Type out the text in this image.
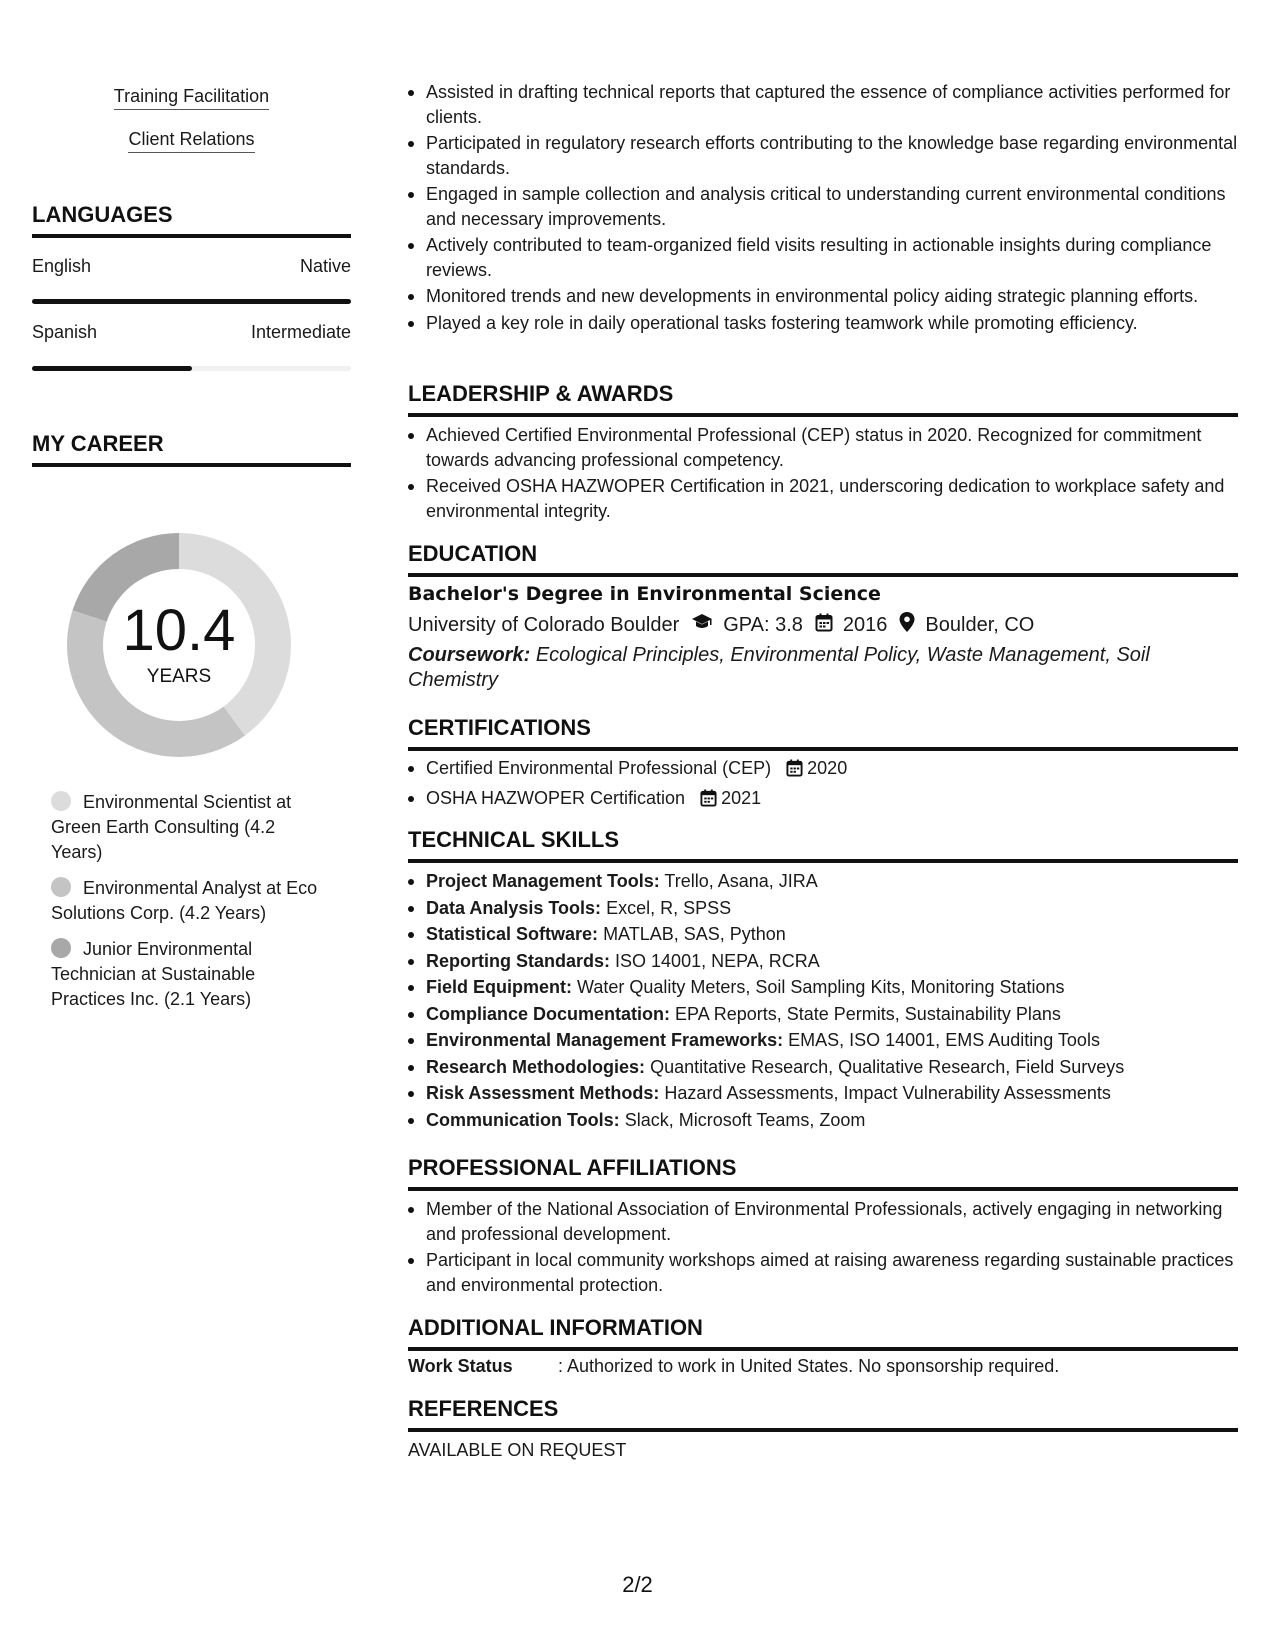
Training Facilitation
Client Relations
LANGUAGES
English	Native
Spanish	Intermediate
MY CAREER
10.4
YEARS
Environmental Scientist at Green Earth Consulting (4.2 Years)
Environmental Analyst at Eco Solutions Corp. (4.2 Years)
Junior Environmental Technician at Sustainable Practices Inc. (2.1 Years)
Assisted in drafting technical reports that captured the essence of compliance activities performed for clients.
Participated in regulatory research efforts contributing to the knowledge base regarding environmental standards.
Engaged in sample collection and analysis critical to understanding current environmental conditions and necessary improvements.
Actively contributed to team-organized field visits resulting in actionable insights during compliance reviews.
Monitored trends and new developments in environmental policy aiding strategic planning efforts.
Played a key role in daily operational tasks fostering teamwork while promoting efficiency.
LEADERSHIP & AWARDS
Achieved Certified Environmental Professional (CEP) status in 2020. Recognized for commitment towards advancing professional competency.
Received OSHA HAZWOPER Certification in 2021, underscoring dedication to workplace safety and environmental integrity.
EDUCATION
Bachelor's Degree in Environmental Science
University of Colorado Boulder GPA: 3.8 2016 Boulder, CO
Coursework: Ecological Principles, Environmental Policy, Waste Management, Soil Chemistry
CERTIFICATIONS
Certified Environmental Professional (CEP) 2020
OSHA HAZWOPER Certification 2021
TECHNICAL SKILLS
Project Management Tools: Trello, Asana, JIRA
Data Analysis Tools: Excel, R, SPSS
Statistical Software: MATLAB, SAS, Python
Reporting Standards: ISO 14001, NEPA, RCRA
Field Equipment: Water Quality Meters, Soil Sampling Kits, Monitoring Stations
Compliance Documentation: EPA Reports, State Permits, Sustainability Plans
Environmental Management Frameworks: EMAS, ISO 14001, EMS Auditing Tools
Research Methodologies: Quantitative Research, Qualitative Research, Field Surveys
Risk Assessment Methods: Hazard Assessments, Impact Vulnerability Assessments
Communication Tools: Slack, Microsoft Teams, Zoom
PROFESSIONAL AFFILIATIONS
Member of the National Association of Environmental Professionals, actively engaging in networking and professional development.
Participant in local community workshops aimed at raising awareness regarding sustainable practices and environmental protection.
ADDITIONAL INFORMATION
Work Status	: Authorized to work in United States. No sponsorship required.
REFERENCES
AVAILABLE ON REQUEST
2/2
